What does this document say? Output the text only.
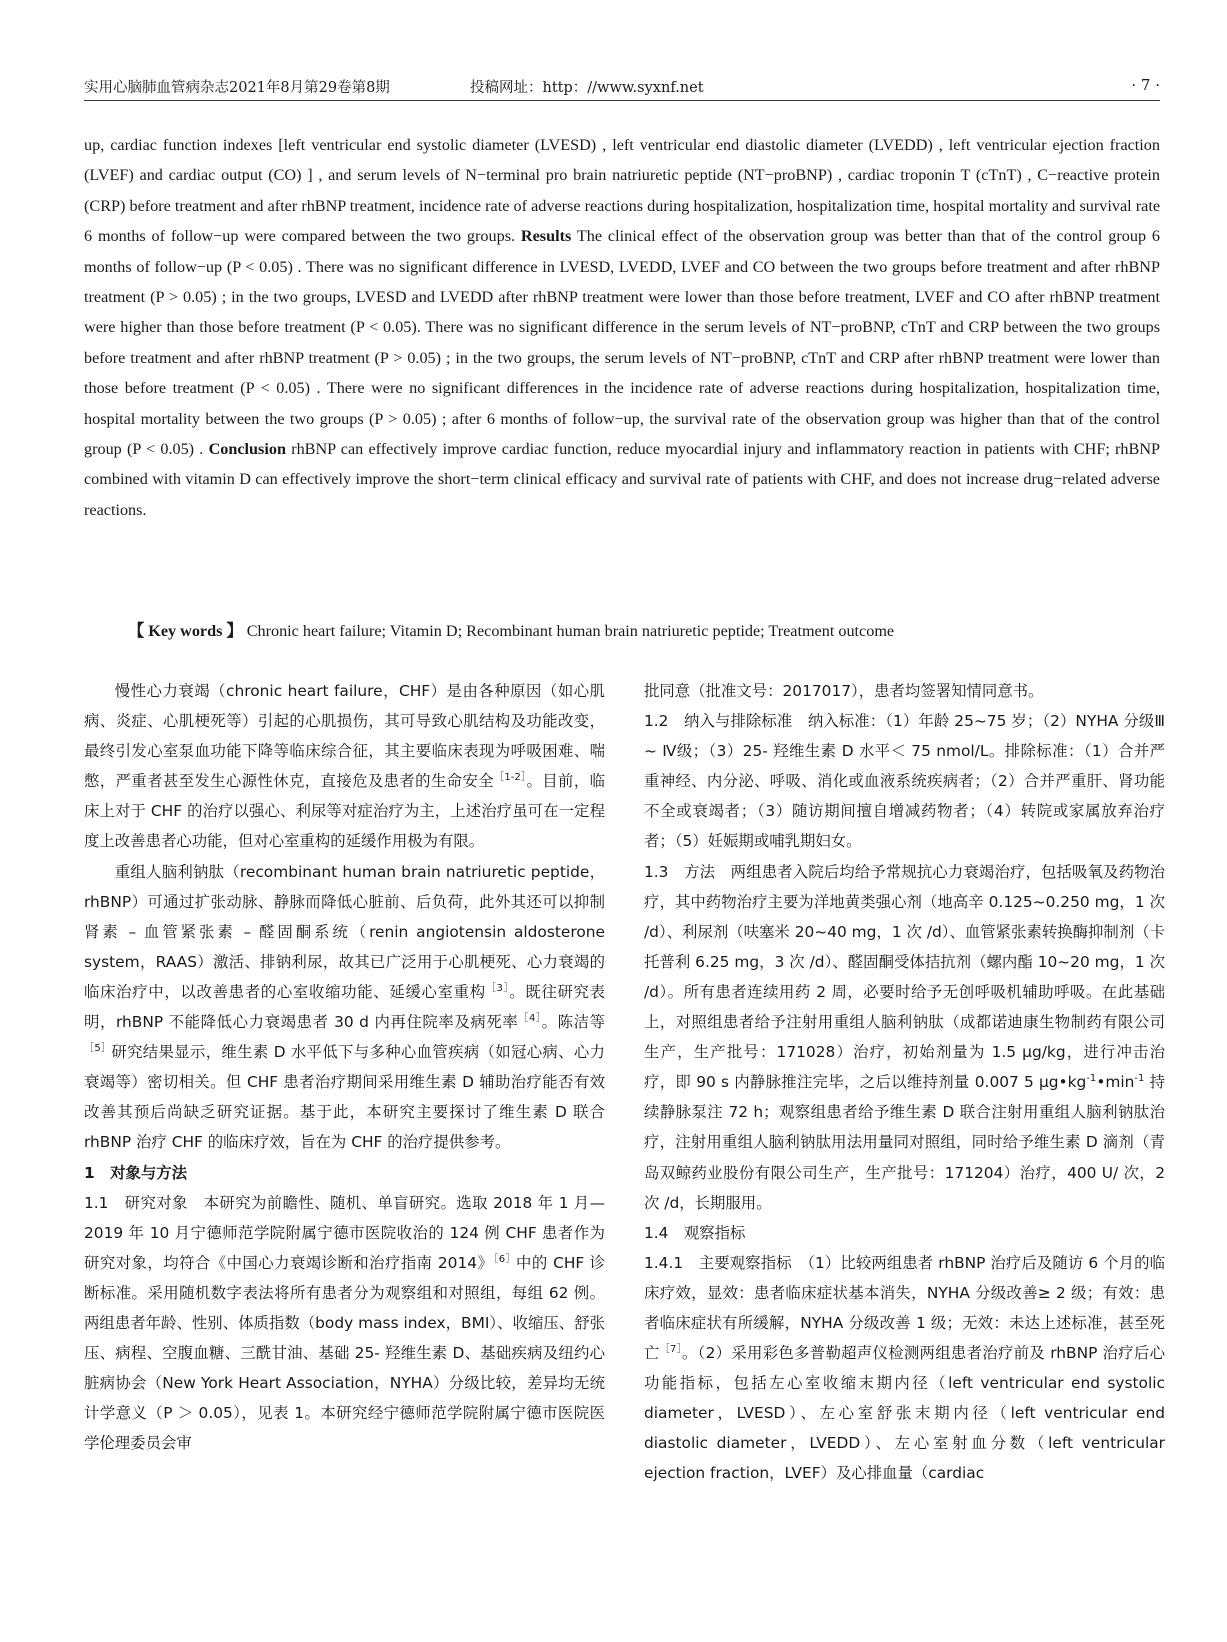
实用心脑肺血管病杂志2021年8月第29卷第8期	投稿网址：http：//www.syxnf.net	· 7 ·

up, cardiac function indexes [left ventricular end systolic diameter (LVESD) , left ventricular end diastolic diameter (LVEDD) , left ventricular ejection fraction (LVEF) and cardiac output (CO) ] , and serum levels of N−terminal pro brain natriuretic peptide (NT−proBNP) , cardiac troponin T (cTnT) , C−reactive protein (CRP) before treatment and after rhBNP treatment, incidence rate of adverse reactions during hospitalization, hospitalization time, hospital mortality and survival rate 6 months of follow−up were compared between the two groups. Results The clinical effect of the observation group was better than that of the control group 6 months of follow−up (P < 0.05) . There was no significant difference in LVESD, LVEDD, LVEF and CO between the two groups before treatment and after rhBNP treatment (P > 0.05) ; in the two groups, LVESD and LVEDD after rhBNP treatment were lower than those before treatment, LVEF and CO after rhBNP treatment were higher than those before treatment (P < 0.05). There was no significant difference in the serum levels of NT−proBNP, cTnT and CRP between the two groups before treatment and after rhBNP treatment (P > 0.05) ; in the two groups, the serum levels of NT−proBNP, cTnT and CRP after rhBNP treatment were lower than those before treatment (P < 0.05) . There were no significant differences in the incidence rate of adverse reactions during hospitalization, hospitalization time, hospital mortality between the two groups (P > 0.05) ; after 6 months of follow−up, the survival rate of the observation group was higher than that of the control group (P < 0.05) . Conclusion rhBNP can effectively improve cardiac function, reduce myocardial injury and inflammatory reaction in patients with CHF; rhBNP combined with vitamin D can effectively improve the short−term clinical efficacy and survival rate of patients with CHF, and does not increase drug−related adverse reactions.

【 Key words 】 Chronic heart failure; Vitamin D; Recombinant human brain natriuretic peptide; Treatment outcome

慢性心力衰竭（chronic heart failure，CHF）是由各种原因（如心肌病、炎症、心肌梗死等）引起的心肌损伤，其可导致心肌结构及功能改变，最终引发心室泵血功能下降等临床综合征，其主要临床表现为呼吸困难、喘憋，严重者甚至发生心源性休克，直接危及患者的生命安全$^{[1-2]}$。目前，临床上对于 CHF 的治疗以强心、利尿等对症治疗为主，上述治疗虽可在一定程度上改善患者心功能，但对心室重构的延缓作用极为有限。

重组人脑利钠肽（recombinant human brain natriuretic peptide，rhBNP）可通过扩张动脉、静脉而降低心脏前、后负荷，此外其还可以抑制肾素 – 血管紧张素 – 醛固酮系统（renin angiotensin aldosterone system，RAAS）激活、排钠利尿，故其已广泛用于心肌梗死、心力衰竭的临床治疗中，以改善患者的心室收缩功能、延缓心室重构$^{[3]}$。既往研究表明，rhBNP 不能降低心力衰竭患者 30 d 内再住院率及病死率$^{[4]}$。陈洁等$^{[5]}$研究结果显示，维生素 D 水平低下与多种心血管疾病（如冠心病、心力衰竭等）密切相关。但 CHF 患者治疗期间采用维生素 D 辅助治疗能否有效改善其预后尚缺乏研究证据。基于此，本研究主要探讨了维生素 D 联合 rhBNP 治疗 CHF 的临床疗效，旨在为 CHF 的治疗提供参考。

1　对象与方法

1.1　研究对象　本研究为前瞻性、随机、单盲研究。选取 2018 年 1 月—2019 年 10 月宁德师范学院附属宁德市医院收治的 124 例 CHF 患者作为研究对象，均符合《中国心力衰竭诊断和治疗指南 2014》$^{[6]}$中的 CHF 诊断标准。采用随机数字表法将所有患者分为观察组和对照组，每组 62 例。两组患者年龄、性别、体质指数（body mass index，BMI）、收缩压、舒张压、病程、空腹血糖、三酰甘油、基础 25- 羟维生素 D、基础疾病及纽约心脏病协会（New York Heart Association，NYHA）分级比较，差异均无统计学意义（P ＞ 0.05），见表 1。本研究经宁德师范学院附属宁德市医院医学伦理委员会审

批同意（批准文号：2017017），患者均签署知情同意书。

1.2　纳入与排除标准　纳入标准：（1）年龄 25~75 岁；（2）NYHA 分级Ⅲ ~ Ⅳ级；（3）25- 羟维生素 D 水平＜ 75 nmol/L。排除标准：（1）合并严重神经、内分泌、呼吸、消化或血液系统疾病者；（2）合并严重肝、肾功能不全或衰竭者；（3）随访期间擅自增减药物者；（4）转院或家属放弃治疗者；（5）妊娠期或哺乳期妇女。

1.3　方法　两组患者入院后均给予常规抗心力衰竭治疗，包括吸氧及药物治疗，其中药物治疗主要为洋地黄类强心剂（地高辛 0.125~0.250 mg，1 次 /d）、利尿剂（呋塞米 20~40 mg，1 次 /d）、血管紧张素转换酶抑制剂（卡托普利 6.25 mg，3 次 /d）、醛固酮受体拮抗剂（螺内酯 10~20 mg，1 次 /d）。所有患者连续用药 2 周，必要时给予无创呼吸机辅助呼吸。在此基础上，对照组患者给予注射用重组人脑利钠肽（成都诺迪康生物制药有限公司生产，生产批号：171028）治疗，初始剂量为 1.5 μg/kg，进行冲击治疗，即 90 s 内静脉推注完毕，之后以维持剂量 0.007 5 $\mu g•kg^{-1}•\min^{-1}$ 持续静脉泵注 72 h；观察组患者给予维生素 D 联合注射用重组人脑利钠肽治疗，注射用重组人脑利钠肽用法用量同对照组，同时给予维生素 D 滴剂（青岛双鲸药业股份有限公司生产，生产批号：171204）治疗，400 U/ 次，2 次 /d，长期服用。

1.4　观察指标

1.4.1　主要观察指标　（1）比较两组患者 rhBNP 治疗后及随访 6 个月的临床疗效，显效：患者临床症状基本消失，NYHA 分级改善≥ 2 级；有效：患者临床症状有所缓解，NYHA 分级改善 1 级；无效：未达上述标准，甚至死亡$^{[7]}$。（2）采用彩色多普勒超声仪检测两组患者治疗前及 rhBNP 治疗后心功能指标，包括左心室收缩末期内径（left ventricular end systolic diameter，LVESD）、左心室舒张末期内径（left ventricular end diastolic diameter，LVEDD）、左心室射血分数（left ventricular ejection fraction，LVEF）及心排血量（cardiac
